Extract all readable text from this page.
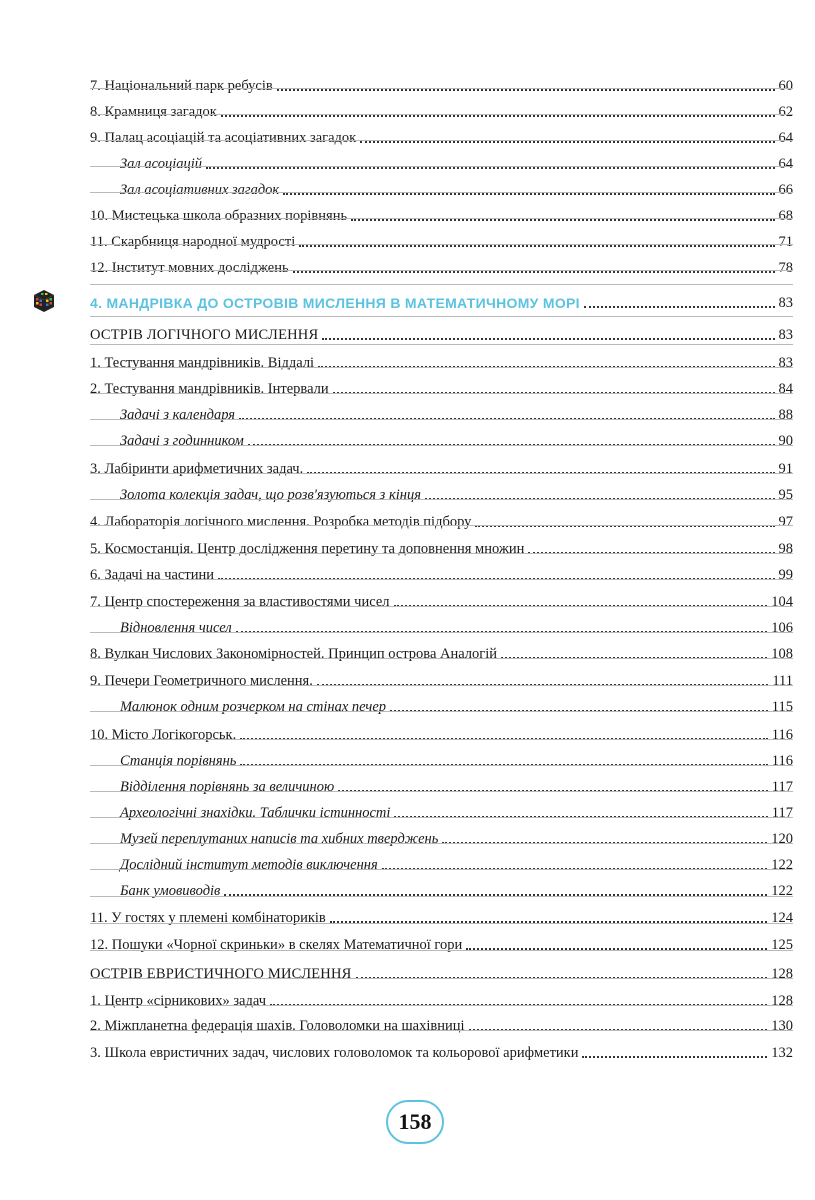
7. Національний парк ребусів	60
8. Крамниця загадок	62
9. Палац асоціацій та асоціативних загадок	64
Зал асоціацій	64
Зал асоціативних загадок	66
10. Мистецька школа образних порівнянь	68
11. Скарбниця народної мудрості	71
12. Інститут мовних досліджень	78
4. МАНДРІВКА ДО ОСТРОВІВ МИСЛЕННЯ В МАТЕМАТИЧНОМУ МОРІ	83
ОСТРІВ ЛОГІЧНОГО МИСЛЕННЯ	83
1. Тестування мандрівників. Віддалі	83
2. Тестування мандрівників. Інтервали	84
Задачі з календаря	88
Задачі з годинником	90
3. Лабіринти арифметичних задач.	91
Золота колекція задач, що розв'язуються з кінця	95
4. Лабораторія логічного мислення. Розробка методів підбору	97
5. Космостанція. Центр дослідження перетину та доповнення множин	98
6. Задачі на частини	99
7. Центр спостереження за властивостями чисел	104
Відновлення чисел	106
8. Вулкан Числових Закономірностей. Принцип острова Аналогій	108
9. Печери Геометричного мислення.	111
Малюнок одним розчерком на стінах печер	115
10. Місто Логікогорськ.	116
Станція порівнянь	116
Відділення порівнянь за величиною	117
Археологічні знахідки. Таблички істинності	117
Музей переплутаних написів та хибних тверджень	120
Дослідний інститут методів виключення	122
Банк умовиводів	122
11. У гостях у племені комбінаториків	124
12. Пошуки «Чорної скриньки» в скелях Математичної гори	125
ОСТРІВ ЕВРИСТИЧНОГО МИСЛЕННЯ	128
1. Центр «сірникових» задач	128
2. Міжпланетна федерація шахів. Головоломки на шахівниці	130
3. Школа евристичних задач, числових головоломок та кольорової арифметики	132
158
